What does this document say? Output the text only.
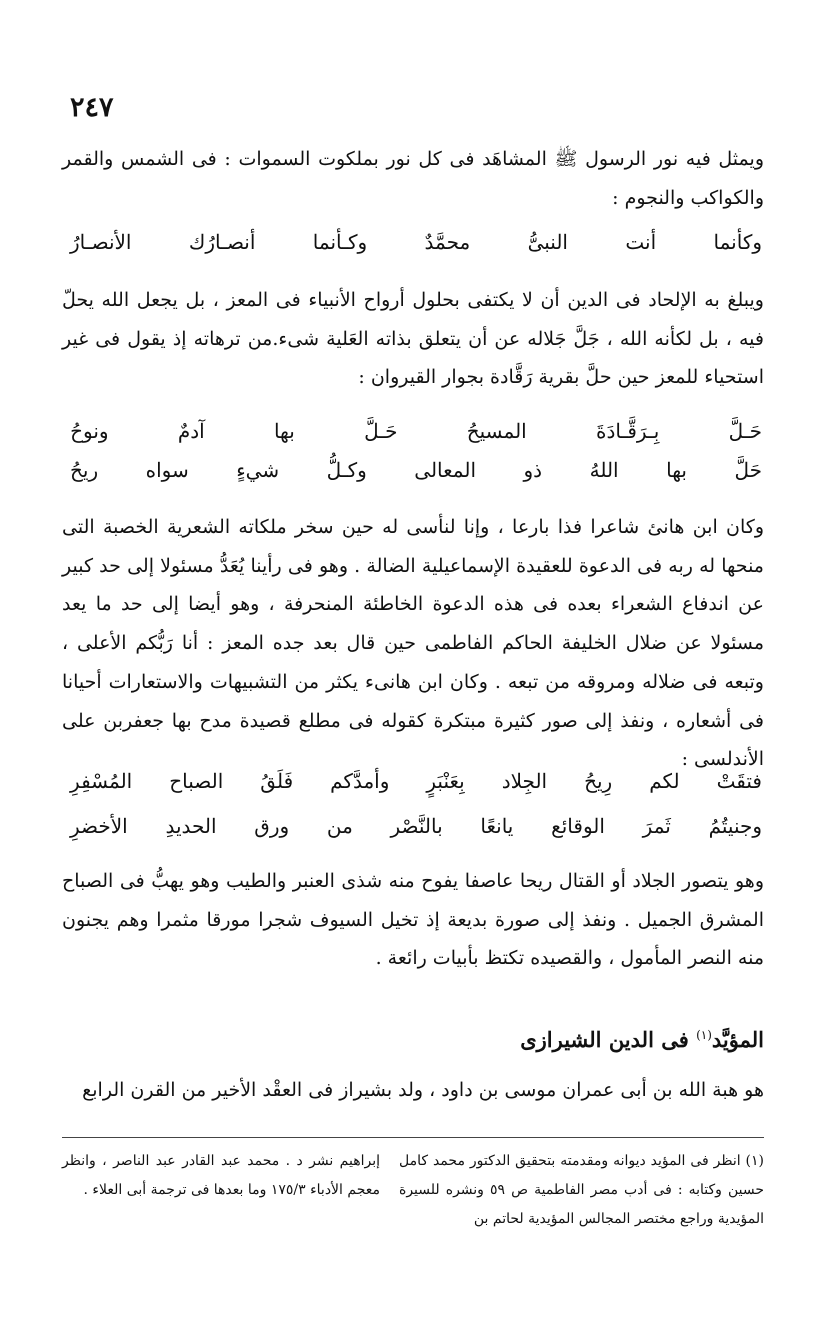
٢٤٧

ويمثل فيه نور الرسول ﷺ المشاهَد فى كل نور بملكوت السموات : فى الشمس والقمر والكواكب والنجوم :

وكأنما
أنت
النبىُّ
محمَّدٌ
وكـأنما
أنصـارُك
الأنصـارُ

ويبلغ به الإلحاد فى الدين أن لا يكتفى بحلول أرواح الأنبياء فى المعز ، بل يجعل الله يحلّ فيه ، بل لكأنه الله ، جَلَّ جَلاله عن أن يتعلق بذاته العَلية شىء.من ترهاته إذ يقول فى غير استحياء للمعز حين حلَّ بقرية رَقَّادة بجوار القيروان :

حَـلَّ
بِـرَقَّـادَةَ
المسيحُ
حَـلَّ
بها
آدمٌ
ونوحُ
حَلَّ
بها
اللهُ
ذو
المعالى
وكـلُّ
شيءٍ
سواه
ريحُ

وكان ابن هانئ شاعرا فذا بارعا ، وإنا لنأسى له حين سخر ملكاته الشعرية الخصبة التى منحها له ربه فى الدعوة للعقيدة الإسماعيلية الضالة . وهو فى رأينا يُعَدُّ مسئولا إلى حد كبير عن اندفاع الشعراء بعده فى هذه الدعوة الخاطئة المنحرفة ، وهو أيضا إلى حد ما يعد مسئولا عن ضلال الخليفة الحاكم الفاطمى حين قال بعد جده المعز : أنا رَبُّكم الأعلى ، وتبعه فى ضلاله ومروقه من تبعه . وكان ابن هانىء يكثر من التشبيهات والاستعارات أحيانا فى أشعاره ، ونفذ إلى صور كثيرة مبتكرة كقوله فى مطلع قصيدة مدح بها جعفربن على الأندلسى :

فتقَتْ
لكم
رِيحُ
الجِلاد
بِعَنْبَرٍ
وأمدَّكم
فَلَقُ
الصباح
المُسْفِرِ
وجنيتُمُ
ثَمرَ
الوقائع
يانعًا
بالنَّصْر
من
ورق
الحديدِ
الأخضرِ

وهو يتصور الجلاد أو القتال ريحا عاصفا يفوح منه شذى العنبر والطيب وهو يهبُّ فى الصباح المشرق الجميل . ونفذ إلى صورة بديعة إذ تخيل السيوف شجرا مورقا مثمرا وهم يجنون منه النصر المأمول ، والقصيده تكتظ بأبيات رائعة .

المؤيَّد$^{(١)}$ فى الدين الشيرازى

هو هبة الله بن أبى عمران موسى بن داود ، ولد بشيراز فى العقْد الأخير من القرن الرابع

(١) انظر فى المؤيد ديوانه ومقدمته بتحقيق الدكتور محمد كامل حسين وكتابه : فى أدب مصر الفاطمية ص ٥٩ ونشره للسيرة المؤيدية وراجع مختصر المجالس المؤيدية لحاتم بن

إبراهيم نشر د . محمد عبد القادر عبد الناصر ، وانظر معجم الأدباء ١٧٥/٣ وما بعدها فى ترجمة أبى العلاء .
